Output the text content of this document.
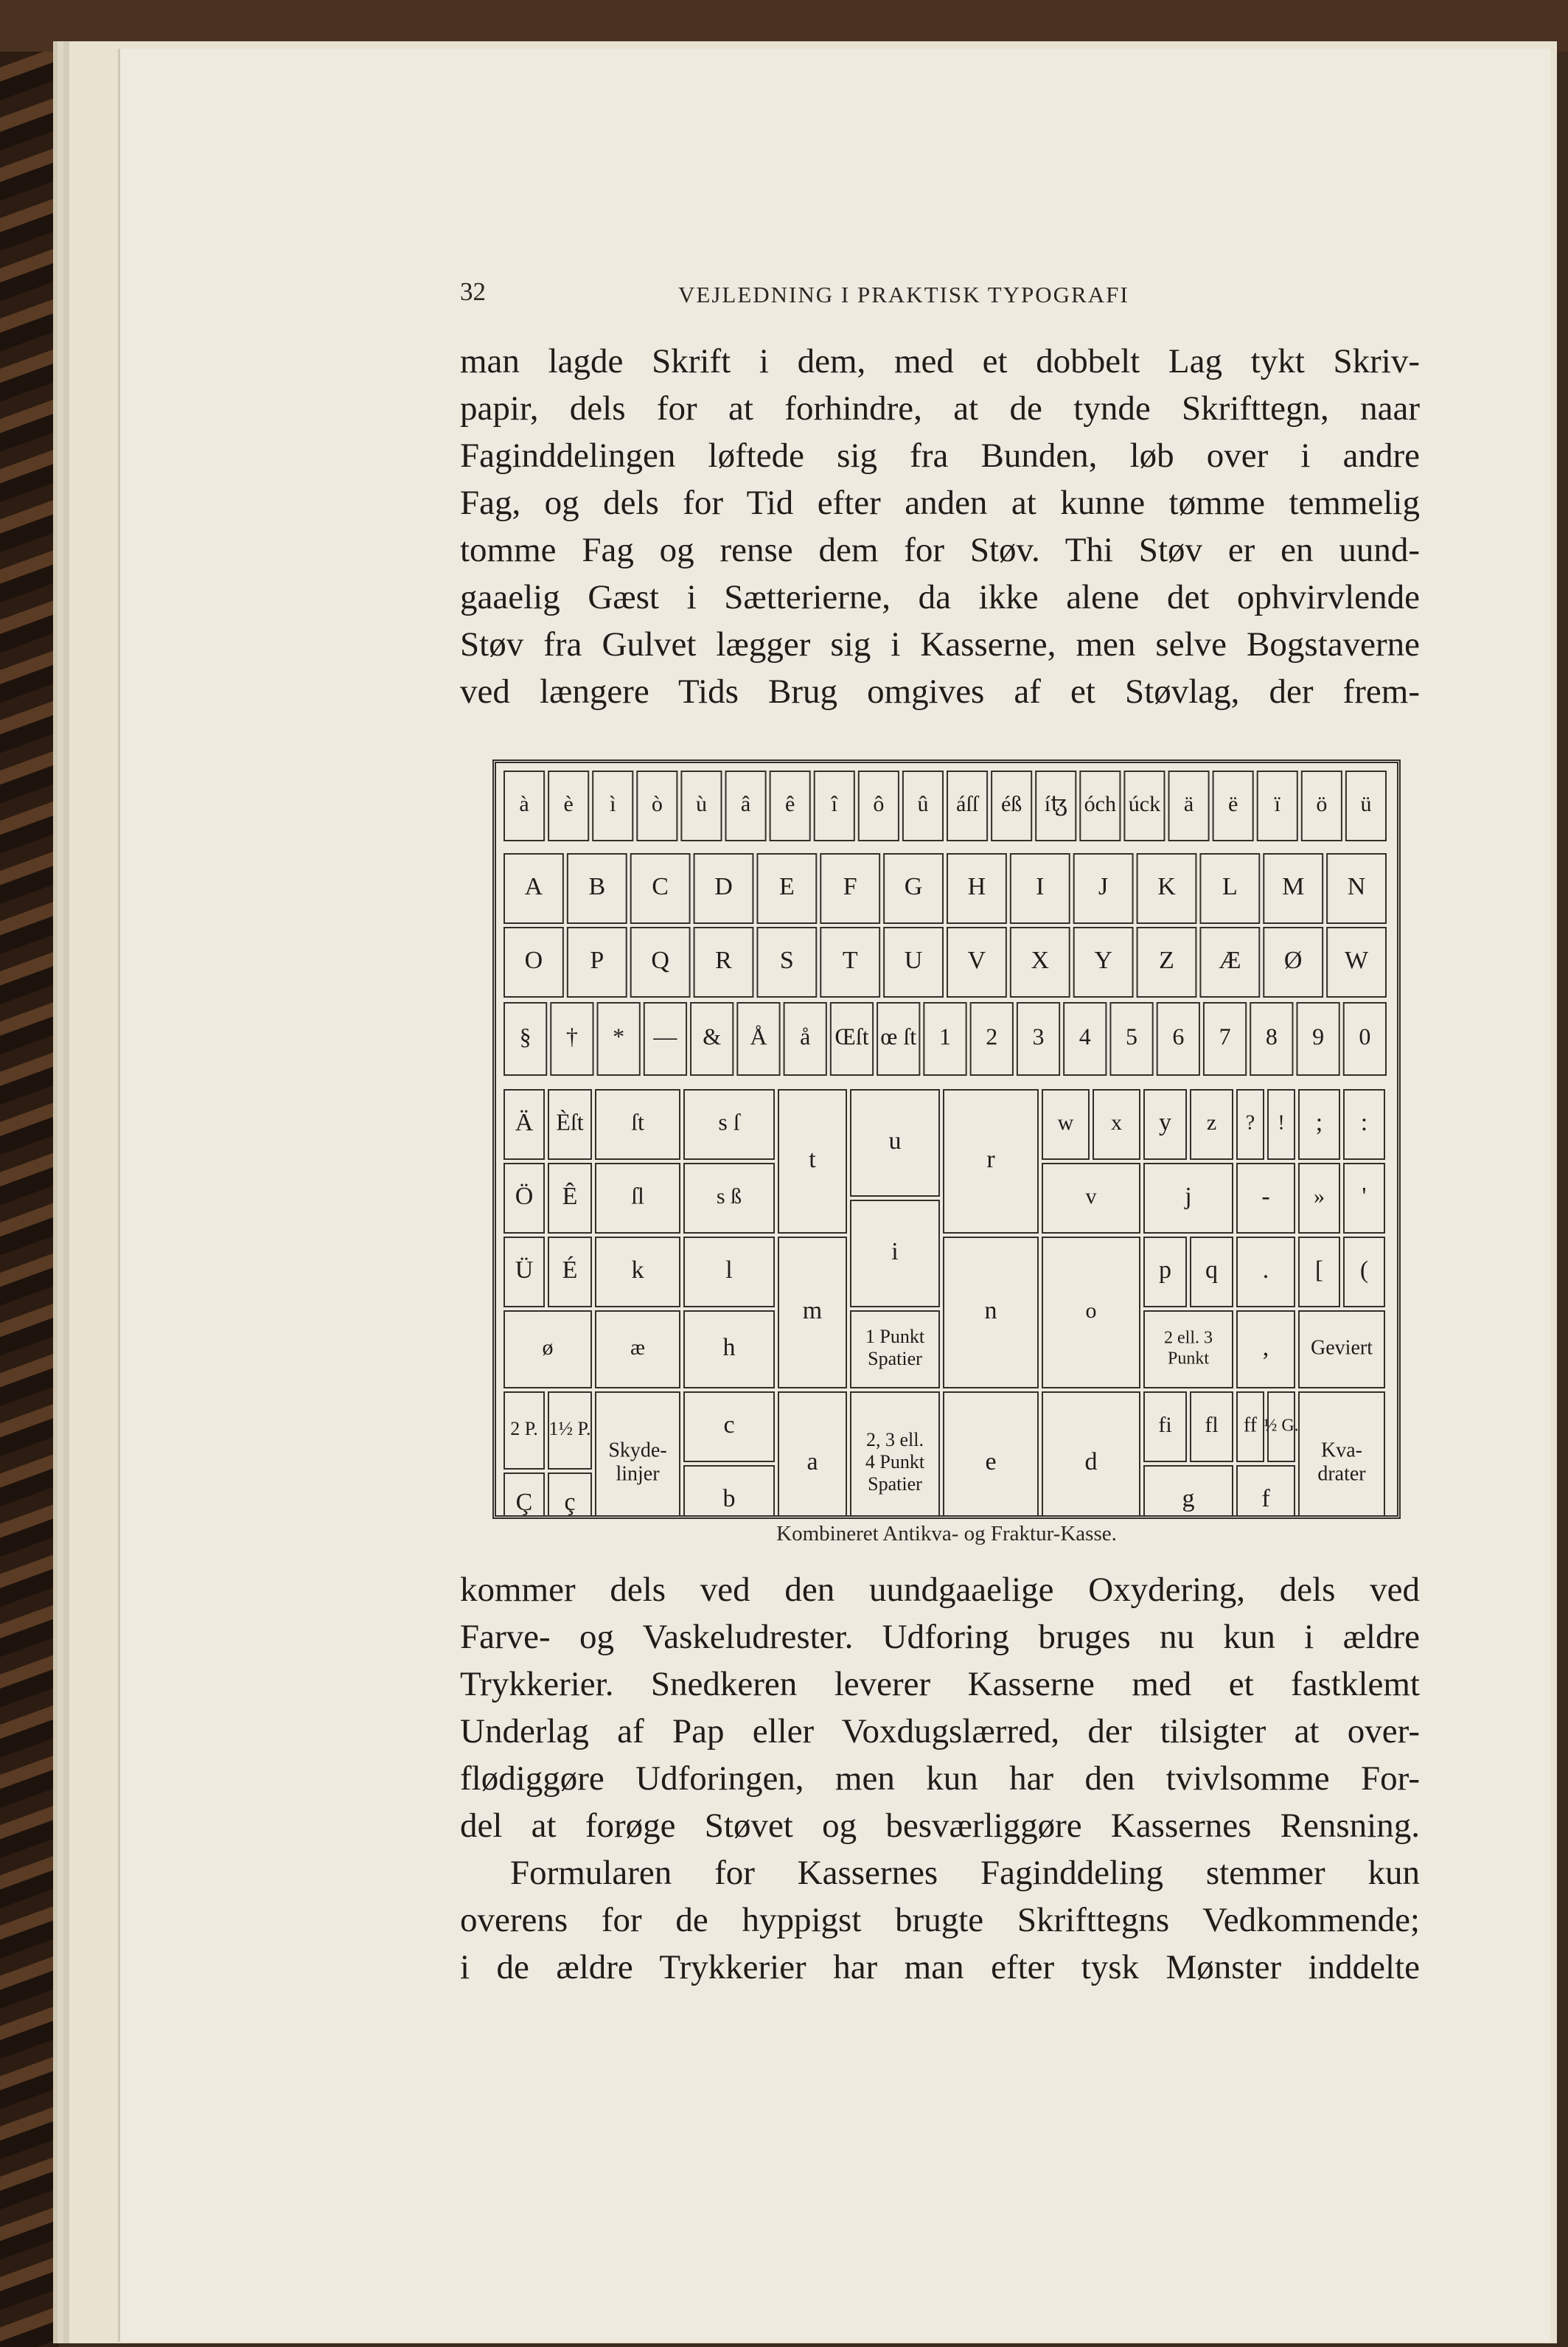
32	VEJLEDNING I PRAKTISK TYPOGRAFI
man lagde Skrift i dem, med et dobbelt Lag tykt Skriv-
papir, dels for at forhindre, at de tynde Skrifttegn, naar
Faginddelingen løftede sig fra Bunden, løb over i andre
Fag, og dels for Tid efter anden at kunne tømme temmelig
tomme Fag og rense dem for Støv. Thi Støv er en uund-
gaaelig Gæst i Sætterierne, da ikke alene det ophvirvlende
Støv fra Gulvet lægger sig i Kasserne, men selve Bogstaverne
ved længere Tids Brug omgives af et Støvlag, der frem-
à è ì ò ù â ê î ô û áſſ éß íꜩ óch úck ä ë ï ö ü
A B C D E F G H I J K L M N
O P Q R S T U V X Y Z Æ Ø W
§ † * — & Å å Œſt œ ſt 1 2 3 4 5 6 7 8 9 0
Ä Èſt
Ö Ê
Ü É
ø
2 P. 1½ P.
Ç ç
ſt
ſl
k
æ
Skyde-
linjer
s ſ
s ß
l
h
c
b
t
m
a
u
i
1 Punkt
Spatier
2, 3 ell.
4 Punkt
Spatier
r
n
e
w x
v
o
d
y z
j
p q
2 ell. 3
Punkt
fi fl
g
? !
-
.
,
ff ½ G.
f
; :
» '
[ (
Geviert
Kva-
drater
Kombineret Antikva- og Fraktur-Kasse.
kommer dels ved den uundgaaelige Oxydering, dels ved
Farve- og Vaskeludrester. Udforing bruges nu kun i ældre
Trykkerier. Snedkeren leverer Kasserne med et fastklemt
Underlag af Pap eller Voxdugslærred, der tilsigter at over-
flødiggøre Udforingen, men kun har den tvivlsomme For-
del at forøge Støvet og besværliggøre Kassernes Rensning.
Formularen for Kassernes Faginddeling stemmer kun
overens for de hyppigst brugte Skrifttegns Vedkommende;
i de ældre Trykkerier har man efter tysk Mønster inddelte
